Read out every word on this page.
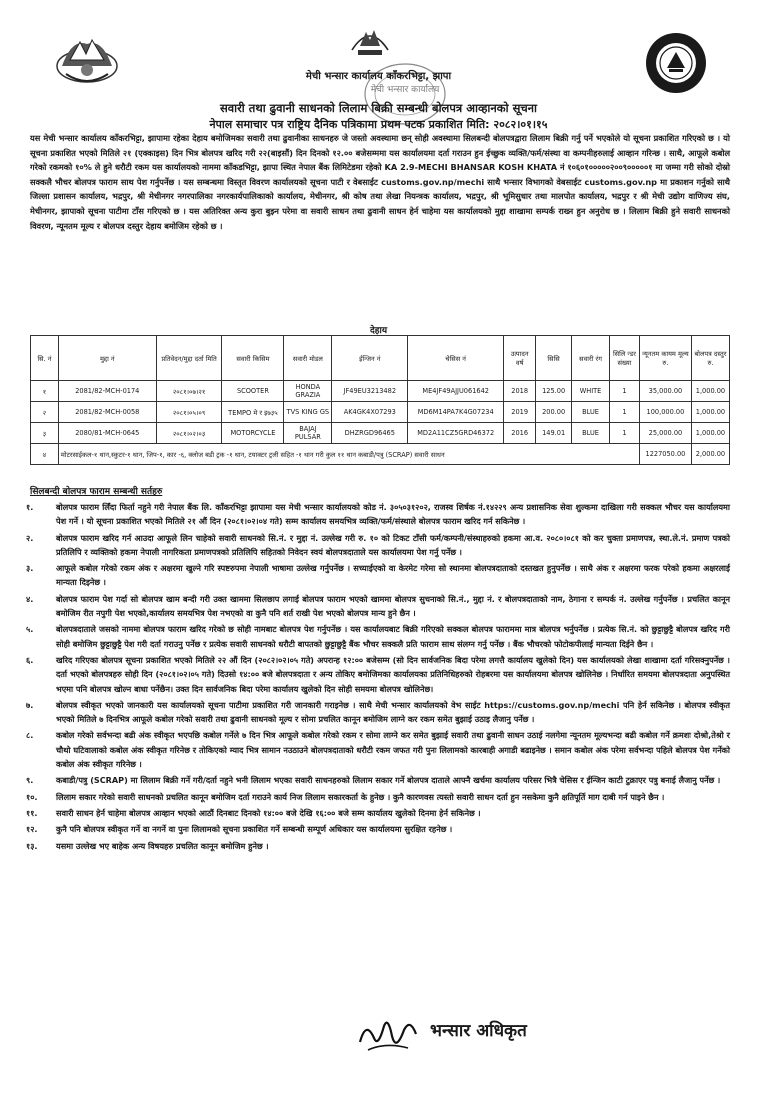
मेची भन्सार कार्यालय
मेची भन्सार कार्यालय काँकरभिट्टा, झापा
सवारी तथा ढुवानी साधनको लिलाम बिक्री सम्बन्धी बोलपत्र आव्हानको सूचना
नेपाल समाचार पत्र राष्ट्रिय दैनिक पत्रिकामा प्रथम पटक प्रकाशित मिति: २०८२।०१।१५
यस मेची भन्सार कार्यालय काँकरभिट्टा, झापामा रहेका देहाय बमोजिमका सवारी तथा ढुवानीका साधनहरु जे जस्तो अवस्थामा छन् सोही अवस्थामा सिलबन्दी बोलपत्रद्वारा लिलाम बिक्री गर्नु पर्ने भएकोले यो सूचना प्रकाशित गरिएको छ । यो सूचना प्रकाशित भएको मितिले २१ (एक्काइस) दिन भित्र बोलपत्र खरिद गरी २२(बाइसौं) दिन दिनको १२.०० बजेसम्ममा यस कार्यालयमा दर्ता गराउन हुन ईच्छुक व्यक्ति/फर्म/संस्था वा कम्पनीहरुलाई आव्हान गरिन्छ । साथै, आफूले कबोल गरेको रकमको १०% ले हुने धरौटी रकम यस कार्यालयको नाममा काँकडभिट्टा, झापा स्थित नेपाल बैंक लिमिटेडमा रहेको KA 2.9-MECHI BHANSAR KOSH KHATA नं १०६०१०००००२००९०००००१ मा जम्मा गरी सोको दोस्रो सक्कलै भौचर बोलपत्र फाराम साथ पेश गर्नुपर्नेछ । यस सम्बन्धमा विस्तृत विवरण कार्यालयको सूचना पाटी र वेबसाईट customs.gov.np/mechi साथै भन्सार विभागको वेबसाईट customs.gov.np मा प्रकाशन गर्नुको साथै जिल्ला प्रशासन कार्यालय, भद्रपुर, श्री मेचीनगर नगरपालिका नगरकार्यपालिकाको कार्यालय, मेचीनगर, श्री कोष तथा लेखा नियन्त्रक कार्यालय, भद्रपुर, श्री भूमिसुधार तथा मालपोत कार्यालय, भद्रपुर र श्री मेची उद्योग वाणिज्य संघ, मेचीनगर, झापाको सूचना पाटीमा टाँस गरिएको छ । यस अतिरिक्त अन्य कुरा बुझ्न परेमा वा सवारी साधन तथा ढुवानी साधन हेर्न चाहेमा यस कार्यालयको मुद्दा शाखामा सम्पर्क राख्न हुन अनुरोध छ । लिलाम बिक्री हुने सवारी साधनको विवरण, न्यूनतम मूल्य र बोलपत्र दस्तुर देहाय बमोजिम रहेको छ ।
देहाय
सि. नं	मुद्दा नं	प्रतिवेदन/मुद्दा दर्ता मिति	सवारी किसिम	सवारी मोडल	ईन्जिन नं	चेसिस नं	उत्पादन वर्ष	सिसि	सवारी रंग	सिलि न्डर संख्या	न्यूनतम कायम मूल्य रु.	बोलपत्र दस्तुर रु.
१	2081/82-MCH-0174	२०८१।०७।२१	SCOOTER	HONDA GRAZIA	JF49EU3213482	ME4JF49AJJU061642	2018	125.00	WHITE	1	35,000.00	1,000.00
२	2081/82-MCH-0058	२०८१।०५।०९	TEMPO मे र इ७३५	TVS KING GS	AK4GK4X07293	MD6M14PA7K4G07234	2019	200.00	BLUE	1	100,000.00	1,000.00
३	2080/81-MCH-0645	२०८१।०२।०३	MOTORCYCLE	BAJAJ PULSAR	DHZRGD96465	MD2A11CZ5GRD46372	2016	149.01	BLUE	1	25,000.00	1,000.00
४	मोटरसाईकल-१ थान,स्कुटर-१ थान, जिप-१, कार -६, क्लोज बडी ट्रक -१ थान, टयाक्टर ट्रली सहित -१ थान गरी कुल ११ थान कबाडी/पत्रु (SCRAP) सवारी साधन										1227050.00	2,000.00
सिलबन्दी बोलपत्र फाराम सम्बन्धी सर्तहरु
१.	बोलपत्र फाराम लिँदा फिर्ता नहुने गरी नेपाल बैंक लि. काँकरभिट्टा झापामा यस मेची भन्सार कार्यालयको कोड नं. ३०५०३१२०२, राजस्व शिर्षक नं.१४२२९ अन्य प्रशासनिक सेवा शुल्कमा दाखिला गरी सक्कल भौचर यस कार्यालयमा पेश गर्ने । यो सूचना प्रकाशित भएको मितिले २१ औं दिन (२०८१।०२।०४ गते) सम्म कार्यालय समयभित्र व्यक्ति/फर्म/संस्थाले बोलपत्र फाराम खरिद गर्न सकिनेछ ।
२.	बोलपत्र फाराम खरिद गर्न आउदा आफूले लिन चाहेको सवारी साधनको सि.नं. र मुद्दा नं. उल्लेख गरी रु. १० को टिकट टाँसी फर्म/कम्पनी/संस्थाहरुको हकमा आ.व. २०८०।०८१ को कर चुक्ता प्रमाणपत्र, स्था.ले.नं. प्रमाण पत्रको प्रतिलिपि र व्यक्तिको हकमा नेपाली नागरिकता प्रमाणपत्रको प्रतिलिपि सहितको निवेदन स्वयं बोलपत्रदाताले यस कार्यालयमा पेश गर्नु पर्नेछ ।
३.	आफूले कबोल गरेको रकम अंक र अक्षरमा खुल्ने गरि स्पष्टरुपमा नेपाली भाषामा उल्लेख गर्नुपर्नेछ । सच्याईएको वा केरमेट गरेमा सो स्थानमा बोलपत्रदाताको दस्तखत हुनुपर्नेछ । साथै अंक र अक्षरमा फरक परेको हकमा अक्षरलाई मान्यता दिइनेछ ।
४.	बोलपत्र फाराम पेश गर्दा सो बोलपत्र खाम बन्दी गरी उक्त खाममा सिलछाप लगाई बोलपत्र फाराम भएको खाममा बोलपत्र सुचनाको सि.नं., मुद्दा नं. र बोलपत्रदाताको नाम, ठेगाना र सम्पर्क नं. उल्लेख गर्नुपर्नेछ । प्रचलित कानून बमोजिम रीत नपुगी पेश भएको,कार्यालय समयभित्र पेश नभएको वा कुनै पनि शर्त राखी पेश भएको बोलपत्र मान्य हुने छैन ।
५.	बोलपत्रदाताले जसको नाममा बोलपत्र फाराम खरिद गरेको छ सोही नामबाट बोलपत्र पेश गर्नुपर्नेछ । यस कार्यालयबाट बिक्री गरिएको सक्कल बोलपत्र फाराममा मात्र बोलपत्र भर्नुपर्नेछ । प्रत्येक सि.नं. को छुट्टाछुट्टै बोलपत्र खरिद गरी सोही बमोजिम छुट्टाछुट्टै पेश गरी दर्ता गराउनु पर्नेछ र प्रत्येक सवारी साधनको धरौटी बापतको छुट्टाछुट्टै बैंक भौचर सक्कलै प्रति फाराम साथ संलग्न गर्नु पर्नेछ । बैंक भौचरको फोटोकपीलाई मान्यता दिईने छैन ।
६.	खरिद गरिएका बोलपत्र सूचना प्रकाशित भएको मितिले २२ औं दिन (२०८२।०२।०५ गते) अपरान्ह १२:०० बजेसम्म (सो दिन सार्वजनिक बिदा परेमा लगत्तै कार्यालय खुलेको दिन) यस कार्यालयको लेखा शाखामा दर्ता गरिसक्नुपर्नेछ । दर्ता भएको बोलपत्रहरु सोही दिन (२०८१।०२।०५ गते) दिउसो १४:०० बजे बोलपत्रदाता र अन्य तोकिए बमोजिमका कार्यालयका प्रतिनिधिहरुको रोहबरमा यस कार्यालयमा बोलपत्र खोलिनेछ । निर्धारित समयमा बोलपत्रदाता अनुपस्थित भएमा पनि बोलपत्र खोल्न बाधा पर्नेछैन। उक्त दिन सार्वजनिक बिदा परेमा कार्यालय खुलेको दिन सोही समयमा बोलपत्र खोलिनेछ।
७.	बोलपत्र स्वीकृत भएको जानकारी यस कार्यालयको सूचना पाटीमा प्रकाशित गरी जानकारी गराइनेछ । साथै मेची भन्सार कार्यालयको वेभ साईट https://customs.gov.np/mechi पनि हेर्न सकिनेछ । बोलपत्र स्वीकृत भएको मितिले ७ दिनभित्र आफूले कबोल गरेको सवारी तथा ढुवानी साधनको मूल्य र सोमा प्रचलित कानून बमोजिम लाग्ने कर रकम समेत बुझाई उठाइ लैजानु पर्नेछ ।
८.	कबोल गरेको सर्वभन्दा बढी अंक स्वीकृत भएपछि कबोल गर्नेले ७ दिन भित्र आफूले कबोल गरेको रकम र सोमा लाग्ने कर समेत बुझाई सवारी तथा ढुवानी साधन उठाई नलगेमा न्यूनतम मूल्यभन्दा बढी कबोल गर्ने क्रमशः दोश्रो,तेश्रो र चौथो घटिवालाको कबोल अंक स्वीकृत गरिनेछ र तोकिएको म्याद भित्र सामान नउठाउने बोलपत्रदाताको धरौटी रकम जफत गरी पुनः लिलामको कारबाही अगाडी बढाइनेछ । समान कबोल अंक परेमा सर्वभन्दा पहिले बोलपत्र पेश गर्नेको कबोल अंक स्वीकृत गरिनेछ ।
९.	कबाडी/पत्रु (SCRAP) मा लिलाम बिक्री गर्ने गरी/दर्ता नहुने भनी लिलाम भएका सवारी साधनहरुको लिलाम सकार गर्ने बोलपत्र दाताले आफ्नै खर्चमा कार्यालय परिसर भित्रै चेसिस र ईन्जिन काटी टुक्राएर पत्रु बनाई लैजानु पर्नेछ ।
१०.	लिलाम सकार गरेको सवारी साधनको प्रचलित कानून बमोजिम दर्ता गराउने कार्य निज लिलाम सकारकर्ता के हुनेछ । कुनै कारणवस त्यस्तो सवारी साधन दर्ता हुन नसकेमा कुनै क्षतिपूर्ति माग दाबी गर्न पाइने छैन ।
११.	सवारी साधन हेर्न चाहेमा बोलपत्र आव्हान भएको आठौं दिनबाट दिनको १४:०० बजे देखि १६:०० बजे सम्म कार्यालय खुलेको दिनमा हेर्न सकिनेछ ।
१२.	कुनै पनि बोलपत्र स्वीकृत गर्ने वा नगर्ने वा पुनः लिलामको सूचना प्रकाशित गर्ने सम्बन्धी सम्पूर्ण अधिकार यस कार्यालयमा सुरक्षित रहनेछ ।
१३.	यसमा उल्लेख भए बाहेक अन्य विषयहरु प्रचलित कानून बमोजिम हुनेछ ।
भन्सार अधिकृत
